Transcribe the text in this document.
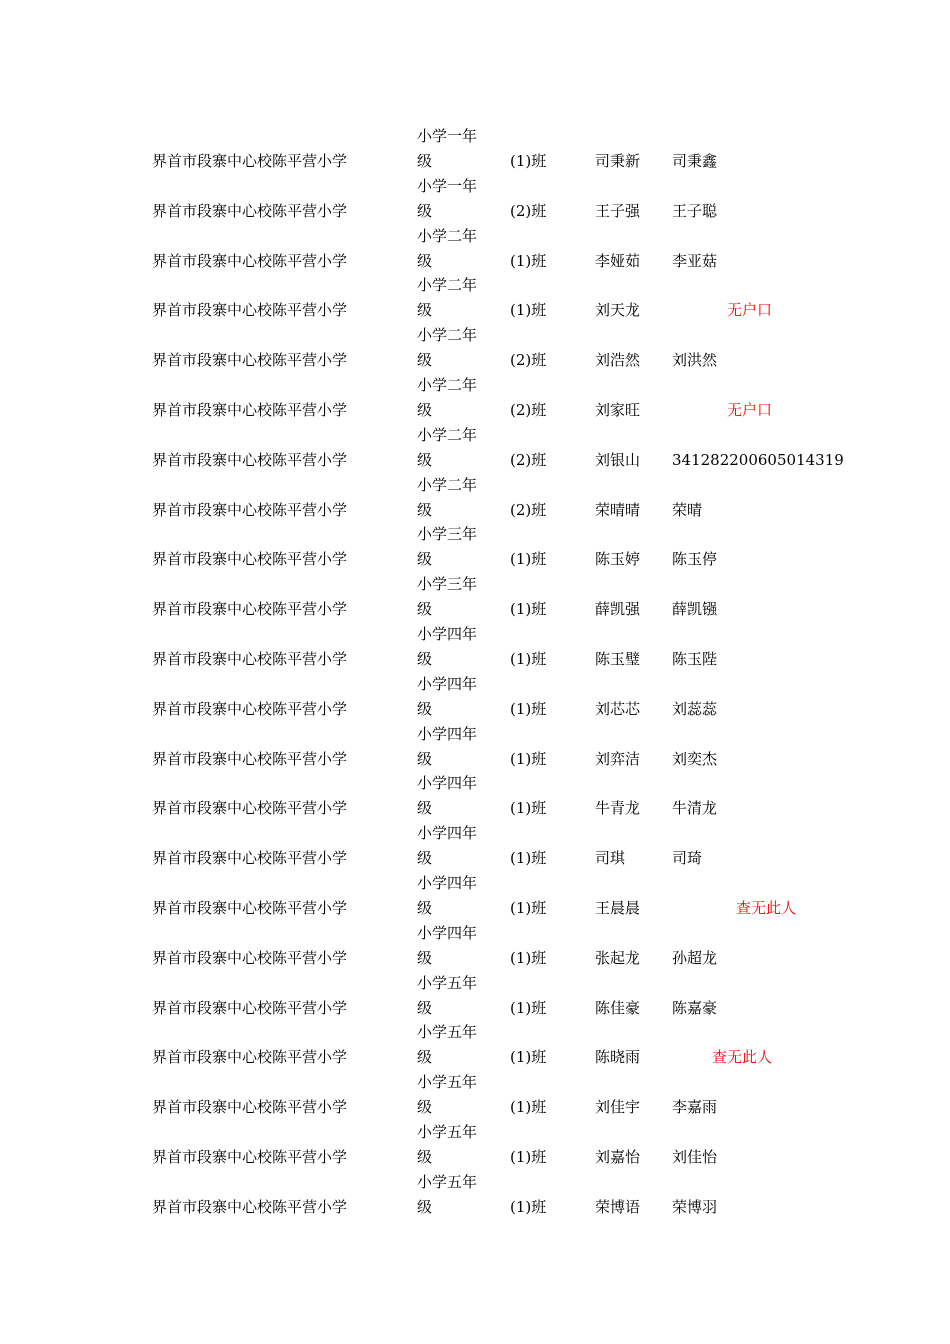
界首市段寨中心校陈平营小学
小学一年
级	(1)班	司秉新 司秉鑫
界首市段寨中心校陈平营小学
小学一年
级	(2)班	王子强 王子聪
界首市段寨中心校陈平营小学
小学二年
级	(1)班	李娅茹 李亚菇
界首市段寨中心校陈平营小学
小学二年
级	(1)班	刘天龙	无户口
界首市段寨中心校陈平营小学
小学二年
级	(2)班	刘浩然 刘洪然
界首市段寨中心校陈平营小学
小学二年
级	(2)班	刘家旺	无户口
界首市段寨中心校陈平营小学
小学二年
级	(2)班	刘银山 341282200605014319
界首市段寨中心校陈平营小学
小学二年
级	(2)班	荣晴晴 荣晴
界首市段寨中心校陈平营小学
小学三年
级	(1)班	陈玉婷 陈玉停
界首市段寨中心校陈平营小学
小学三年
级	(1)班	薛凯强 薛凯镪
界首市段寨中心校陈平营小学
小学四年
级	(1)班	陈玉璧 陈玉陛
界首市段寨中心校陈平营小学
小学四年
级	(1)班	刘芯芯 刘蕊蕊
界首市段寨中心校陈平营小学
小学四年
级	(1)班	刘弈洁 刘奕杰
界首市段寨中心校陈平营小学
小学四年
级	(1)班	牛青龙 牛清龙
界首市段寨中心校陈平营小学
小学四年
级	(1)班	司琪	司琦
界首市段寨中心校陈平营小学
小学四年
级	(1)班	王晨晨	查无此人
界首市段寨中心校陈平营小学
小学四年
级	(1)班	张起龙 孙超龙
界首市段寨中心校陈平营小学
小学五年
级	(1)班	陈佳豪 陈嘉豪
界首市段寨中心校陈平营小学
小学五年
级	(1)班	陈晓雨	查无此人
界首市段寨中心校陈平营小学
小学五年
级	(1)班	刘佳宇 李嘉雨
界首市段寨中心校陈平营小学
小学五年
级	(1)班	刘嘉怡 刘佳怡
界首市段寨中心校陈平营小学
小学五年
级	(1)班	荣博语 荣博羽
